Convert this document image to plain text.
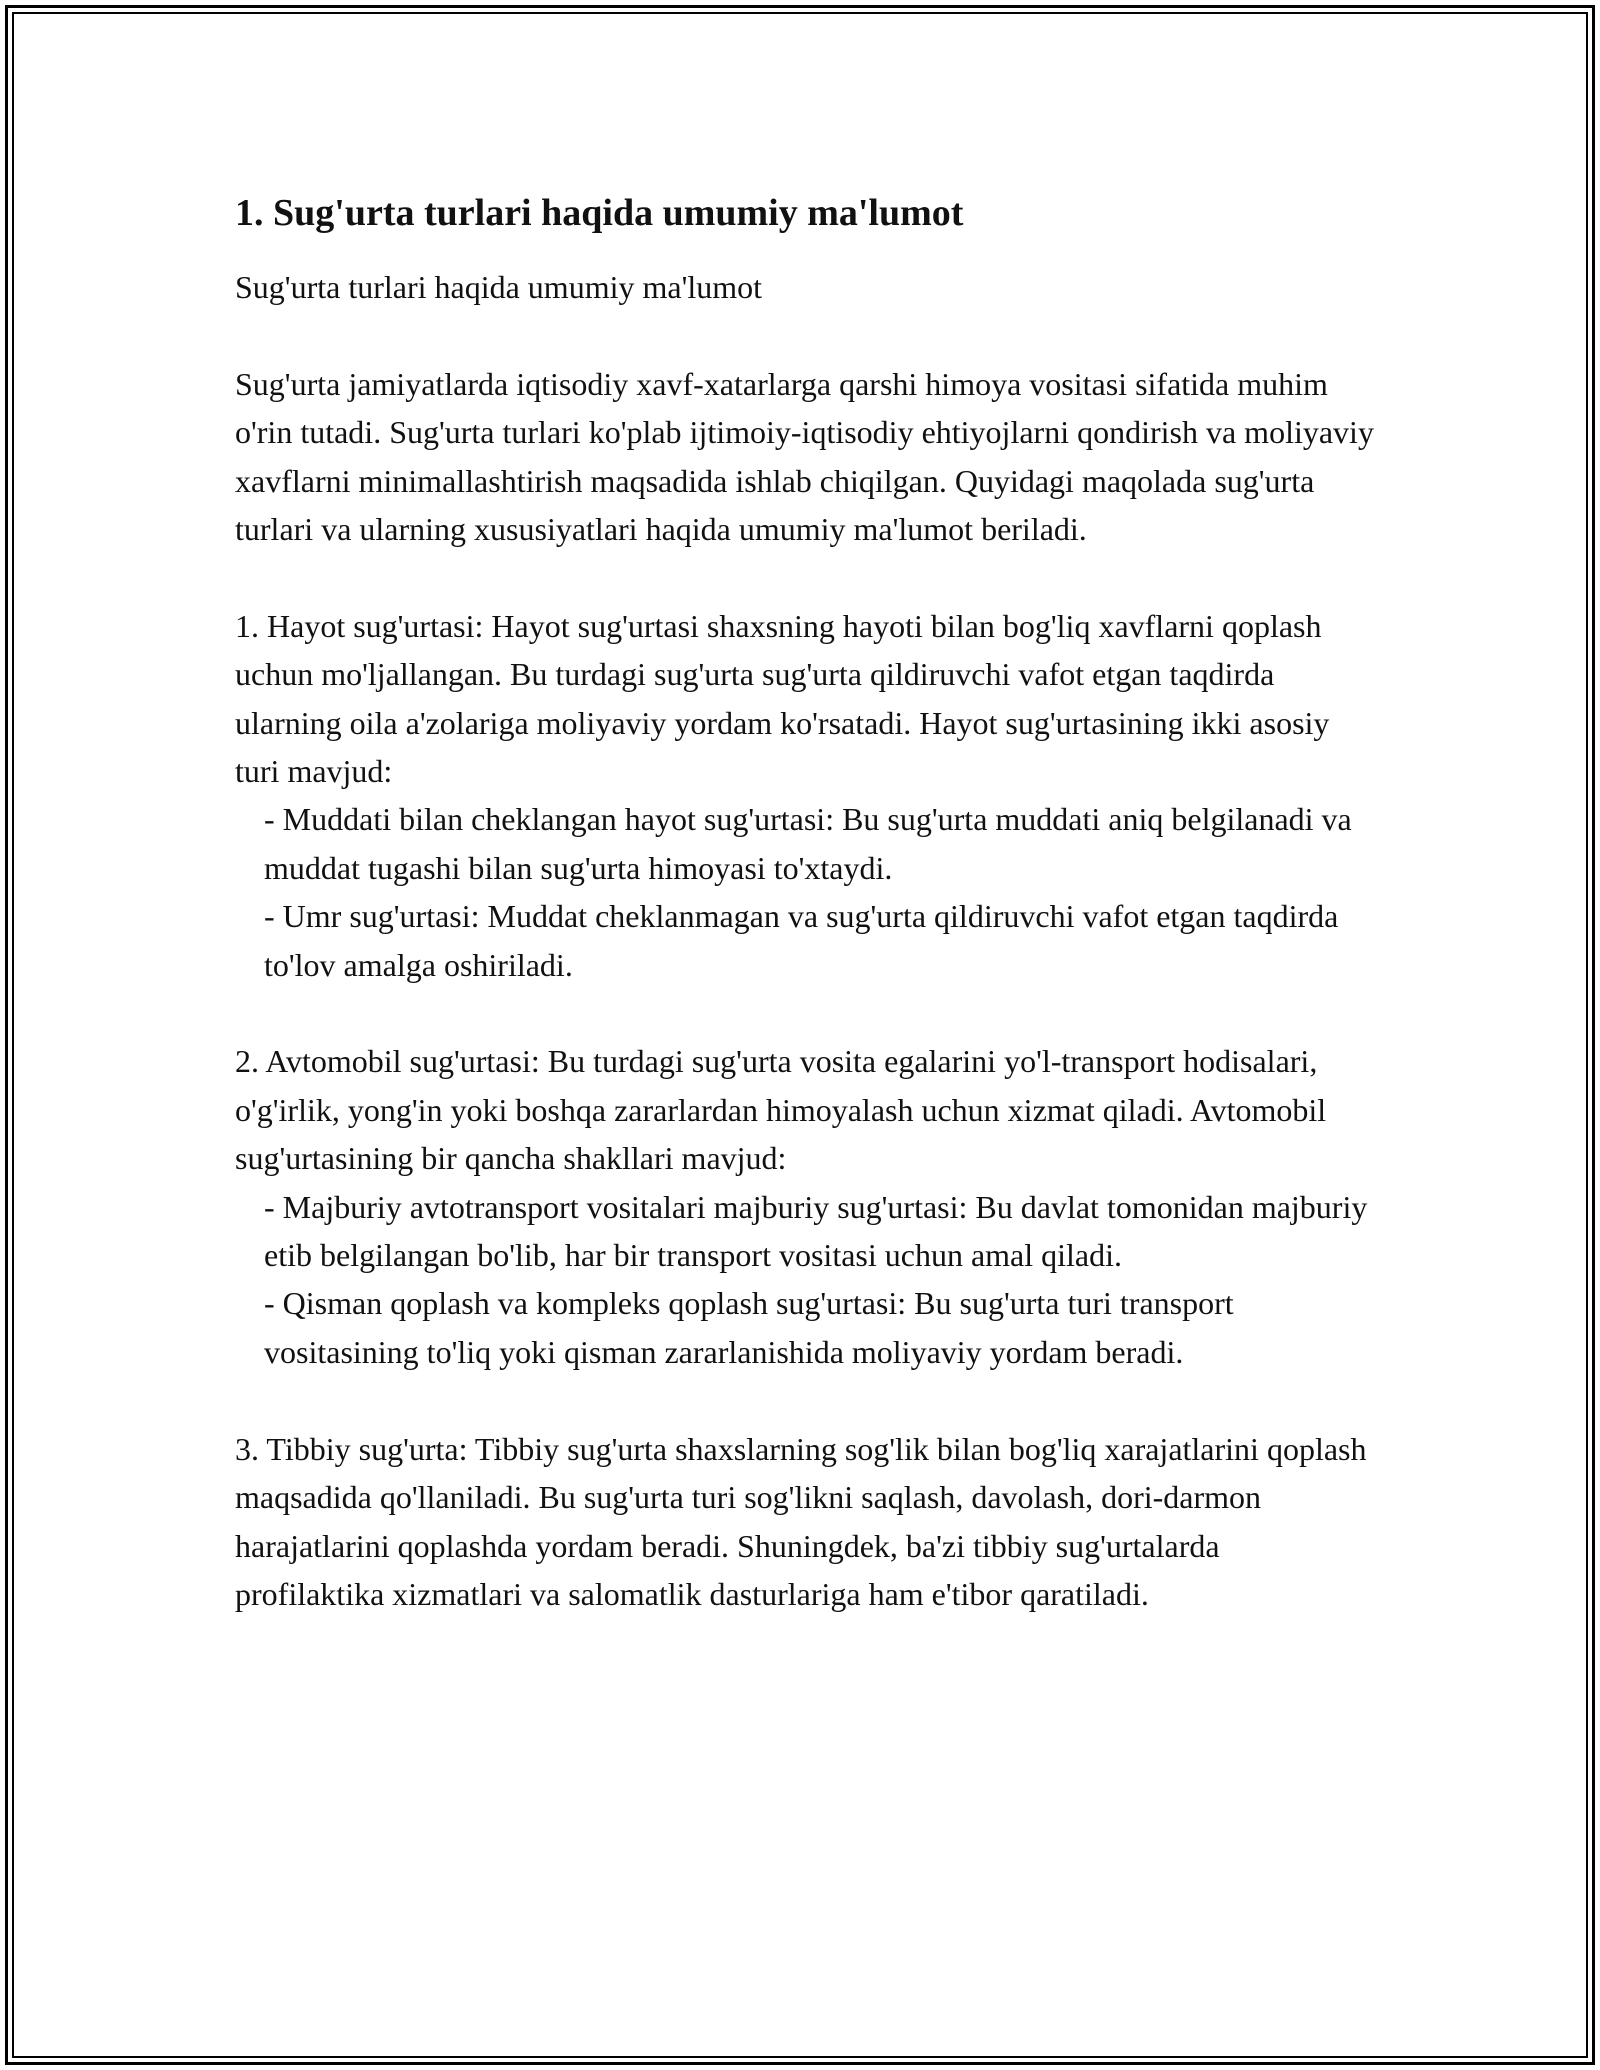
1. Sug'urta turlari haqida umumiy ma'lumot

Sug'urta turlari haqida umumiy ma'lumot

Sug'urta jamiyatlarda iqtisodiy xavf-xatarlarga qarshi himoya vositasi sifatida muhim o'rin tutadi. Sug'urta turlari ko'plab ijtimoiy-iqtisodiy ehtiyojlarni qondirish va moliyaviy xavflarni minimallashtirish maqsadida ishlab chiqilgan. Quyidagi maqolada sug'urta turlari va ularning xususiyatlari haqida umumiy ma'lumot beriladi.

1. Hayot sug'urtasi: Hayot sug'urtasi shaxsning hayoti bilan bog'liq xavflarni qoplash uchun mo'ljallangan. Bu turdagi sug'urta sug'urta qildiruvchi vafot etgan taqdirda ularning oila a'zolariga moliyaviy yordam ko'rsatadi. Hayot sug'urtasining ikki asosiy turi mavjud:

- Muddati bilan cheklangan hayot sug'urtasi: Bu sug'urta muddati aniq belgilanadi va muddat tugashi bilan sug'urta himoyasi to'xtaydi.

- Umr sug'urtasi: Muddat cheklanmagan va sug'urta qildiruvchi vafot etgan taqdirda to'lov amalga oshiriladi.

2. Avtomobil sug'urtasi: Bu turdagi sug'urta vosita egalarini yo'l-transport hodisalari, o'g'irlik, yong'in yoki boshqa zararlardan himoyalash uchun xizmat qiladi. Avtomobil sug'urtasining bir qancha shakllari mavjud:

- Majburiy avtotransport vositalari majburiy sug'urtasi: Bu davlat tomonidan majburiy etib belgilangan bo'lib, har bir transport vositasi uchun amal qiladi.

- Qisman qoplash va kompleks qoplash sug'urtasi: Bu sug'urta turi transport vositasining to'liq yoki qisman zararlanishida moliyaviy yordam beradi.

3. Tibbiy sug'urta: Tibbiy sug'urta shaxslarning sog'lik bilan bog'liq xarajatlarini qoplash maqsadida qo'llaniladi. Bu sug'urta turi sog'likni saqlash, davolash, dori-darmon harajatlarini qoplashda yordam beradi. Shuningdek, ba'zi tibbiy sug'urtalarda profilaktika xizmatlari va salomatlik dasturlariga ham e'tibor qaratiladi.
